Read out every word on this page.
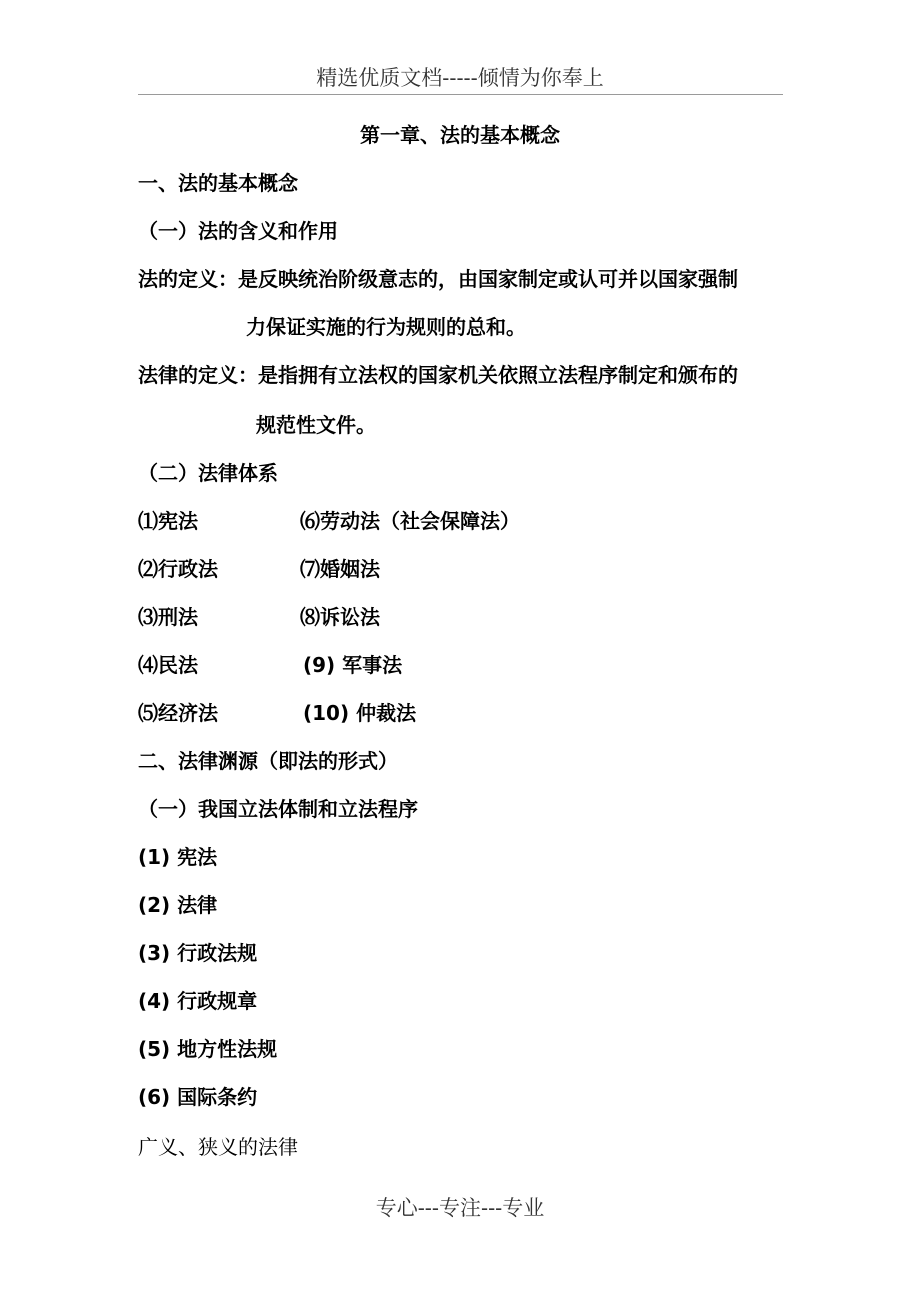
精选优质文档-----倾情为你奉上
第一章、法的基本概念
一、法的基本概念
（一）法的含义和作用
法的定义：是反映统治阶级意志的，由国家制定或认可并以国家强制
力保证实施的行为规则的总和。
法律的定义：是指拥有立法权的国家机关依照立法程序制定和颁布的
规范性文件。
（二）法律体系
⑴宪法	⑹劳动法（社会保障法）
⑵行政法	⑺婚姻法
⑶刑法	⑻诉讼法
⑷民法	(9) 军事法
⑸经济法	(10) 仲裁法
二、法律渊源（即法的形式）
（一）我国立法体制和立法程序
(1) 宪法
(2) 法律
(3) 行政法规
(4) 行政规章
(5) 地方性法规
(6) 国际条约
广义、狭义的法律
专心---专注---专业
